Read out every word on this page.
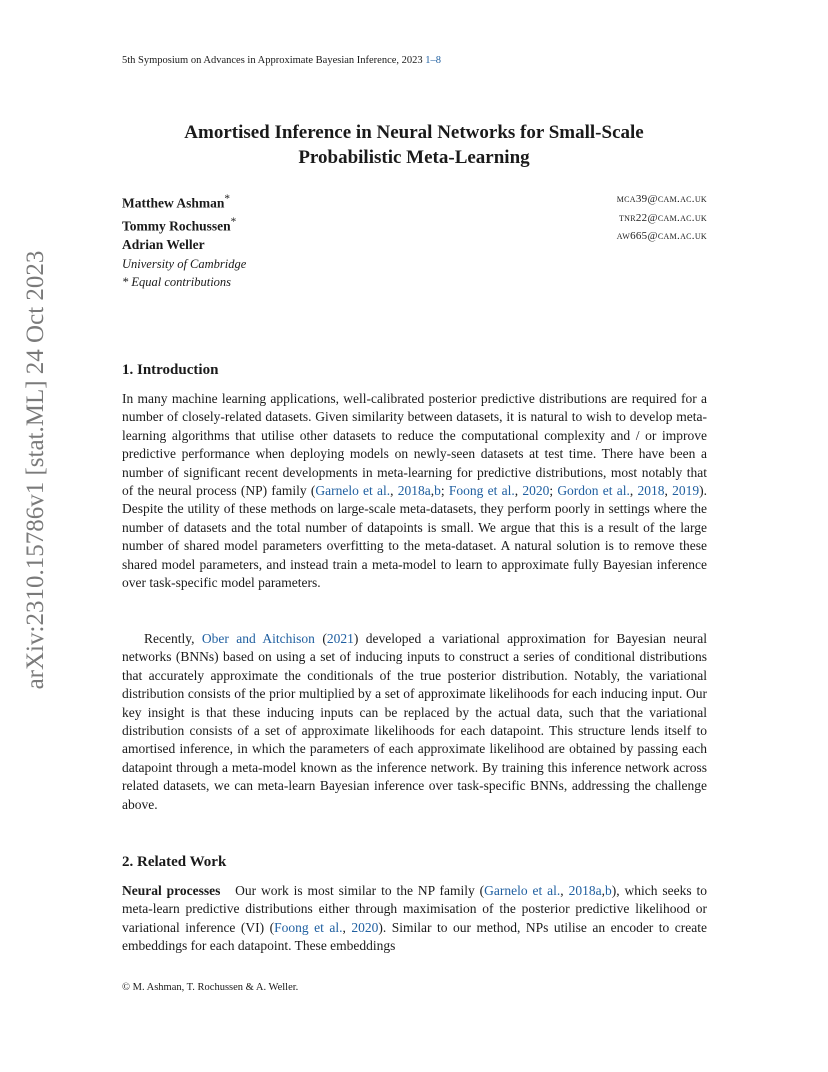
5th Symposium on Advances in Approximate Bayesian Inference, 2023 1–8
Amortised Inference in Neural Networks for Small-Scale
Probabilistic Meta-Learning
Matthew Ashman*
Tommy Rochussen*
Adrian Weller
University of Cambridge
* Equal contributions
mca39@cam.ac.uk
tnr22@cam.ac.uk
aw665@cam.ac.uk
arXiv:2310.15786v1 [stat.ML] 24 Oct 2023	1. Introduction

In many machine learning applications, well-calibrated posterior predictive distributions are required for a number of closely-related datasets. Given similarity between datasets, it is natural to wish to develop meta-learning algorithms that utilise other datasets to reduce the computational complexity and / or improve predictive performance when deploying models on newly-seen datasets at test time. There have been a number of significant recent developments in meta-learning for predictive distributions, most notably that of the neural process (NP) family (Garnelo et al., 2018a,b; Foong et al., 2020; Gordon et al., 2018, 2019). Despite the utility of these methods on large-scale meta-datasets, they perform poorly in settings where the number of datasets and the total number of datapoints is small. We argue that this is a result of the large number of shared model parameters overfitting to the meta-dataset. A natural solution is to remove these shared model parameters, and instead train a meta-model to learn to approximate fully Bayesian inference over task-specific model parameters.

Recently, Ober and Aitchison (2021) developed a variational approximation for Bayesian neural networks (BNNs) based on using a set of inducing inputs to construct a series of conditional distributions that accurately approximate the conditionals of the true posterior distribution. Notably, the variational distribution consists of the prior multiplied by a set of approximate likelihoods for each inducing input. Our key insight is that these inducing inputs can be replaced by the actual data, such that the variational distribution consists of a set of approximate likelihoods for each datapoint. This structure lends itself to amortised inference, in which the parameters of each approximate likelihood are obtained by passing each datapoint through a meta-model known as the inference network. By training this inference network across related datasets, we can meta-learn Bayesian inference over task-specific BNNs, addressing the challenge above.

2. Related Work

Neural processes   Our work is most similar to the NP family (Garnelo et al., 2018a,b), which seeks to meta-learn predictive distributions either through maximisation of the posterior predictive likelihood or variational inference (VI) (Foong et al., 2020). Similar to our method, NPs utilise an encoder to create embeddings for each datapoint. These embeddings

© M. Ashman, T. Rochussen & A. Weller.
